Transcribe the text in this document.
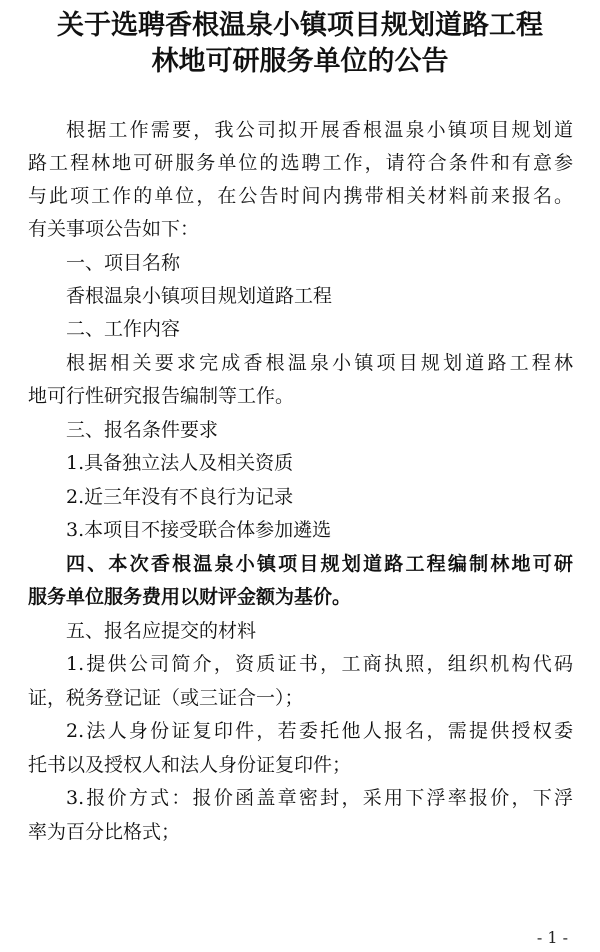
关于选聘香根温泉小镇项目规划道路工程
林地可研服务单位的公告
根据工作需要，我公司拟开展香根温泉小镇项目规划道
路工程林地可研服务单位的选聘工作，请符合条件和有意参
与此项工作的单位，在公告时间内携带相关材料前来报名。
有关事项公告如下：
一、项目名称
香根温泉小镇项目规划道路工程
二、工作内容
根据相关要求完成香根温泉小镇项目规划道路工程林
地可行性研究报告编制等工作。
三、报名条件要求
1.具备独立法人及相关资质
2.近三年没有不良行为记录
3.本项目不接受联合体参加遴选
四、本次香根温泉小镇项目规划道路工程编制林地可研
服务单位服务费用以财评金额为基价。
五、报名应提交的材料
1.提供公司简介，资质证书，工商执照，组织机构代码
证，税务登记证（或三证合一）；
2.法人身份证复印件，若委托他人报名，需提供授权委
托书以及授权人和法人身份证复印件；
3.报价方式：报价函盖章密封，采用下浮率报价，下浮
率为百分比格式；
- 1 -
